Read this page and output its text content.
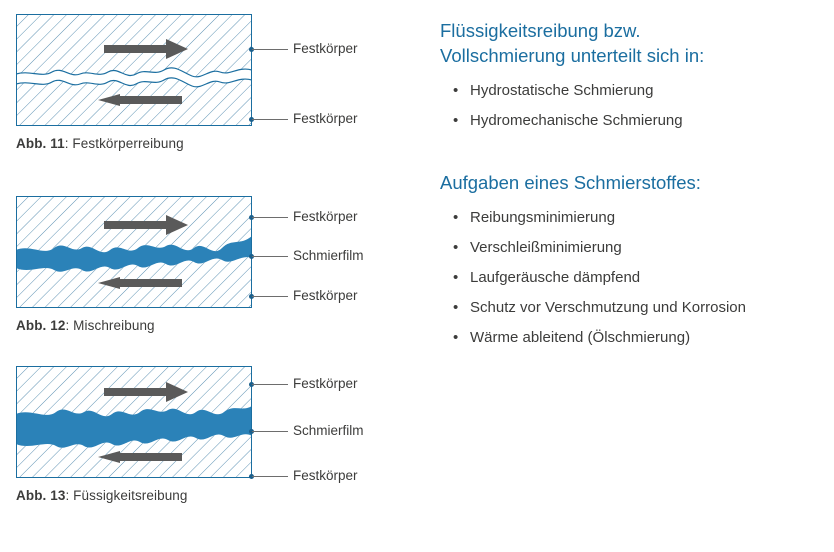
Festkörper
Festkörper
Abb. 11: Festkörperreibung
Festkörper
Schmierfilm
Festkörper
Abb. 12: Mischreibung
Festkörper
Schmierfilm
Festkörper
Abb. 13: Füssigkeitsreibung
Flüssigkeitsreibung bzw.
Vollschmierung unterteilt sich in:
• Hydrostatische Schmierung
• Hydromechanische Schmierung
Aufgaben eines Schmierstoffes:
• Reibungsminimierung
• Verschleißminimierung
• Laufgeräusche dämpfend
• Schutz vor Verschmutzung und Korrosion
• Wärme ableitend (Ölschmierung)
